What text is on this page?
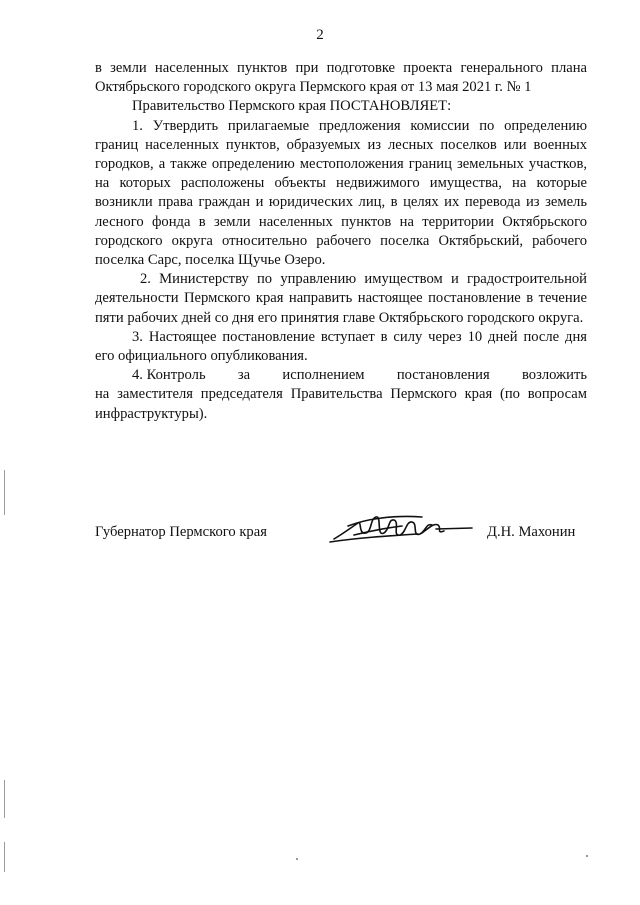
2

в земли населенных пунктов при подготовке проекта генерального плана Октябрьского городского округа Пермского края от 13 мая 2021 г. № 1

Правительство Пермского края ПОСТАНОВЛЯЕТ:

1. Утвердить прилагаемые предложения комиссии по определению границ населенных пунктов, образуемых из лесных поселков или военных городков, а также определению местоположения границ земельных участков, на которых расположены объекты недвижимого имущества, на которые возникли права граждан и юридических лиц, в целях их перевода из земель лесного фонда в земли населенных пунктов на территории Октябрьского городского округа относительно рабочего поселка Октябрьский, рабочего поселка Сарс, поселка Щучье Озеро.

2. Министерству по управлению имуществом и градостроительной деятельности Пермского края направить настоящее постановление в течение пяти рабочих дней со дня его принятия главе Октябрьского городского округа.

3. Настоящее постановление вступает в силу через 10 дней после дня его официального опубликования.

4. Контроль за исполнением постановления возложить

на заместителя председателя Правительства Пермского края (по вопросам инфраструктуры).

Губернатор Пермского края	Д.Н. Махонин
